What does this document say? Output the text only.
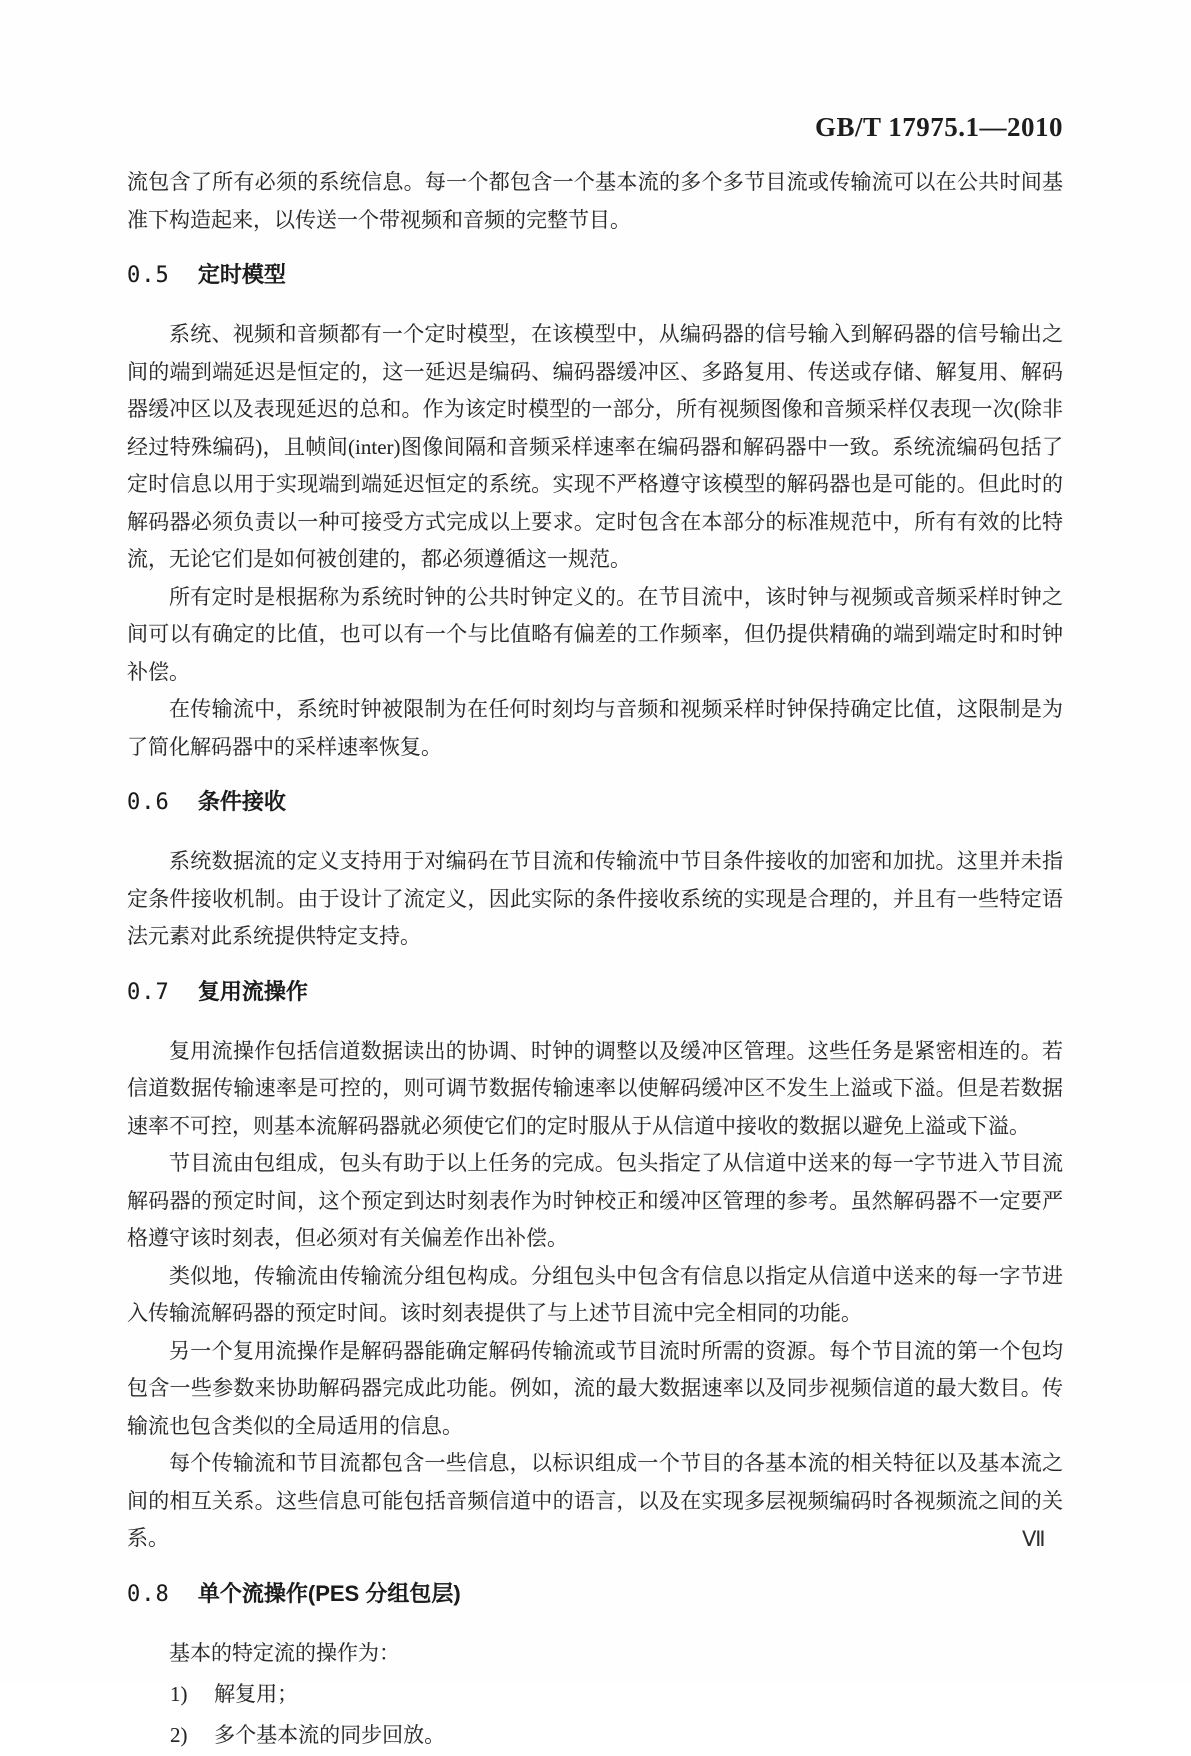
GB/T 17975.1—2010

流包含了所有必须的系统信息。每一个都包含一个基本流的多个多节目流或传输流可以在公共时间基准下构造起来，以传送一个带视频和音频的完整节目。

0.5 定时模型

系统、视频和音频都有一个定时模型，在该模型中，从编码器的信号输入到解码器的信号输出之间的端到端延迟是恒定的，这一延迟是编码、编码器缓冲区、多路复用、传送或存储、解复用、解码器缓冲区以及表现延迟的总和。作为该定时模型的一部分，所有视频图像和音频采样仅表现一次(除非经过特殊编码)，且帧间(inter)图像间隔和音频采样速率在编码器和解码器中一致。系统流编码包括了定时信息以用于实现端到端延迟恒定的系统。实现不严格遵守该模型的解码器也是可能的。但此时的解码器必须负责以一种可接受方式完成以上要求。定时包含在本部分的标准规范中，所有有效的比特流，无论它们是如何被创建的，都必须遵循这一规范。

所有定时是根据称为系统时钟的公共时钟定义的。在节目流中，该时钟与视频或音频采样时钟之间可以有确定的比值，也可以有一个与比值略有偏差的工作频率，但仍提供精确的端到端定时和时钟补偿。

在传输流中，系统时钟被限制为在任何时刻均与音频和视频采样时钟保持确定比值，这限制是为了简化解码器中的采样速率恢复。

0.6 条件接收

系统数据流的定义支持用于对编码在节目流和传输流中节目条件接收的加密和加扰。这里并未指定条件接收机制。由于设计了流定义，因此实际的条件接收系统的实现是合理的，并且有一些特定语法元素对此系统提供特定支持。

0.7 复用流操作

复用流操作包括信道数据读出的协调、时钟的调整以及缓冲区管理。这些任务是紧密相连的。若信道数据传输速率是可控的，则可调节数据传输速率以使解码缓冲区不发生上溢或下溢。但是若数据速率不可控，则基本流解码器就必须使它们的定时服从于从信道中接收的数据以避免上溢或下溢。

节目流由包组成，包头有助于以上任务的完成。包头指定了从信道中送来的每一字节进入节目流解码器的预定时间，这个预定到达时刻表作为时钟校正和缓冲区管理的参考。虽然解码器不一定要严格遵守该时刻表，但必须对有关偏差作出补偿。

类似地，传输流由传输流分组包构成。分组包头中包含有信息以指定从信道中送来的每一字节进入传输流解码器的预定时间。该时刻表提供了与上述节目流中完全相同的功能。

另一个复用流操作是解码器能确定解码传输流或节目流时所需的资源。每个节目流的第一个包均包含一些参数来协助解码器完成此功能。例如，流的最大数据速率以及同步视频信道的最大数目。传输流也包含类似的全局适用的信息。

每个传输流和节目流都包含一些信息，以标识组成一个节目的各基本流的相关特征以及基本流之间的相互关系。这些信息可能包括音频信道中的语言，以及在实现多层视频编码时各视频流之间的关系。

0.8 单个流操作(PES 分组包层)

基本的特定流的操作为：

1)	解复用；
2)	多个基本流的同步回放。
Ⅶ
